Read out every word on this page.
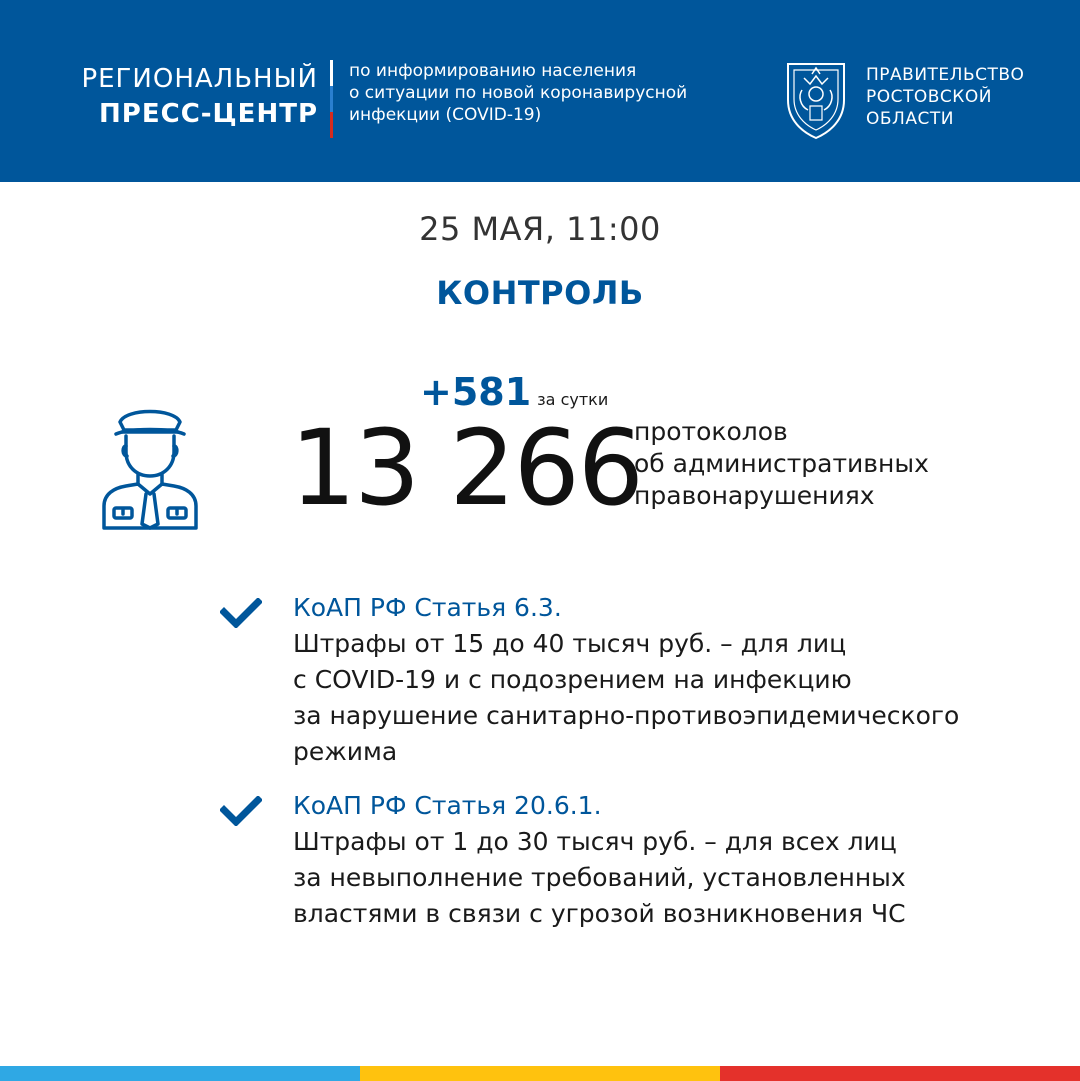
РЕГИОНАЛЬНЫЙ
ПРЕСС-ЦЕНТР
по информированию населения
о ситуации по новой коронавирусной
инфекции (COVID-19)
ПРАВИТЕЛЬСТВО
РОСТОВСКОЙ
ОБЛАСТИ
25 МАЯ, 11:00
КОНТРОЛЬ
+581 за сутки
13 266
протоколов
об административных
правонарушениях
КоАП РФ Статья 6.3.
Штрафы от 15 до 40 тысяч руб. – для лиц
с COVID-19 и с подозрением на инфекцию
за нарушение санитарно-противоэпидемического
режима
КоАП РФ Статья 20.6.1.
Штрафы от 1 до 30 тысяч руб. – для всех лиц
за невыполнение требований, установленных
властями в связи с угрозой возникновения ЧС
